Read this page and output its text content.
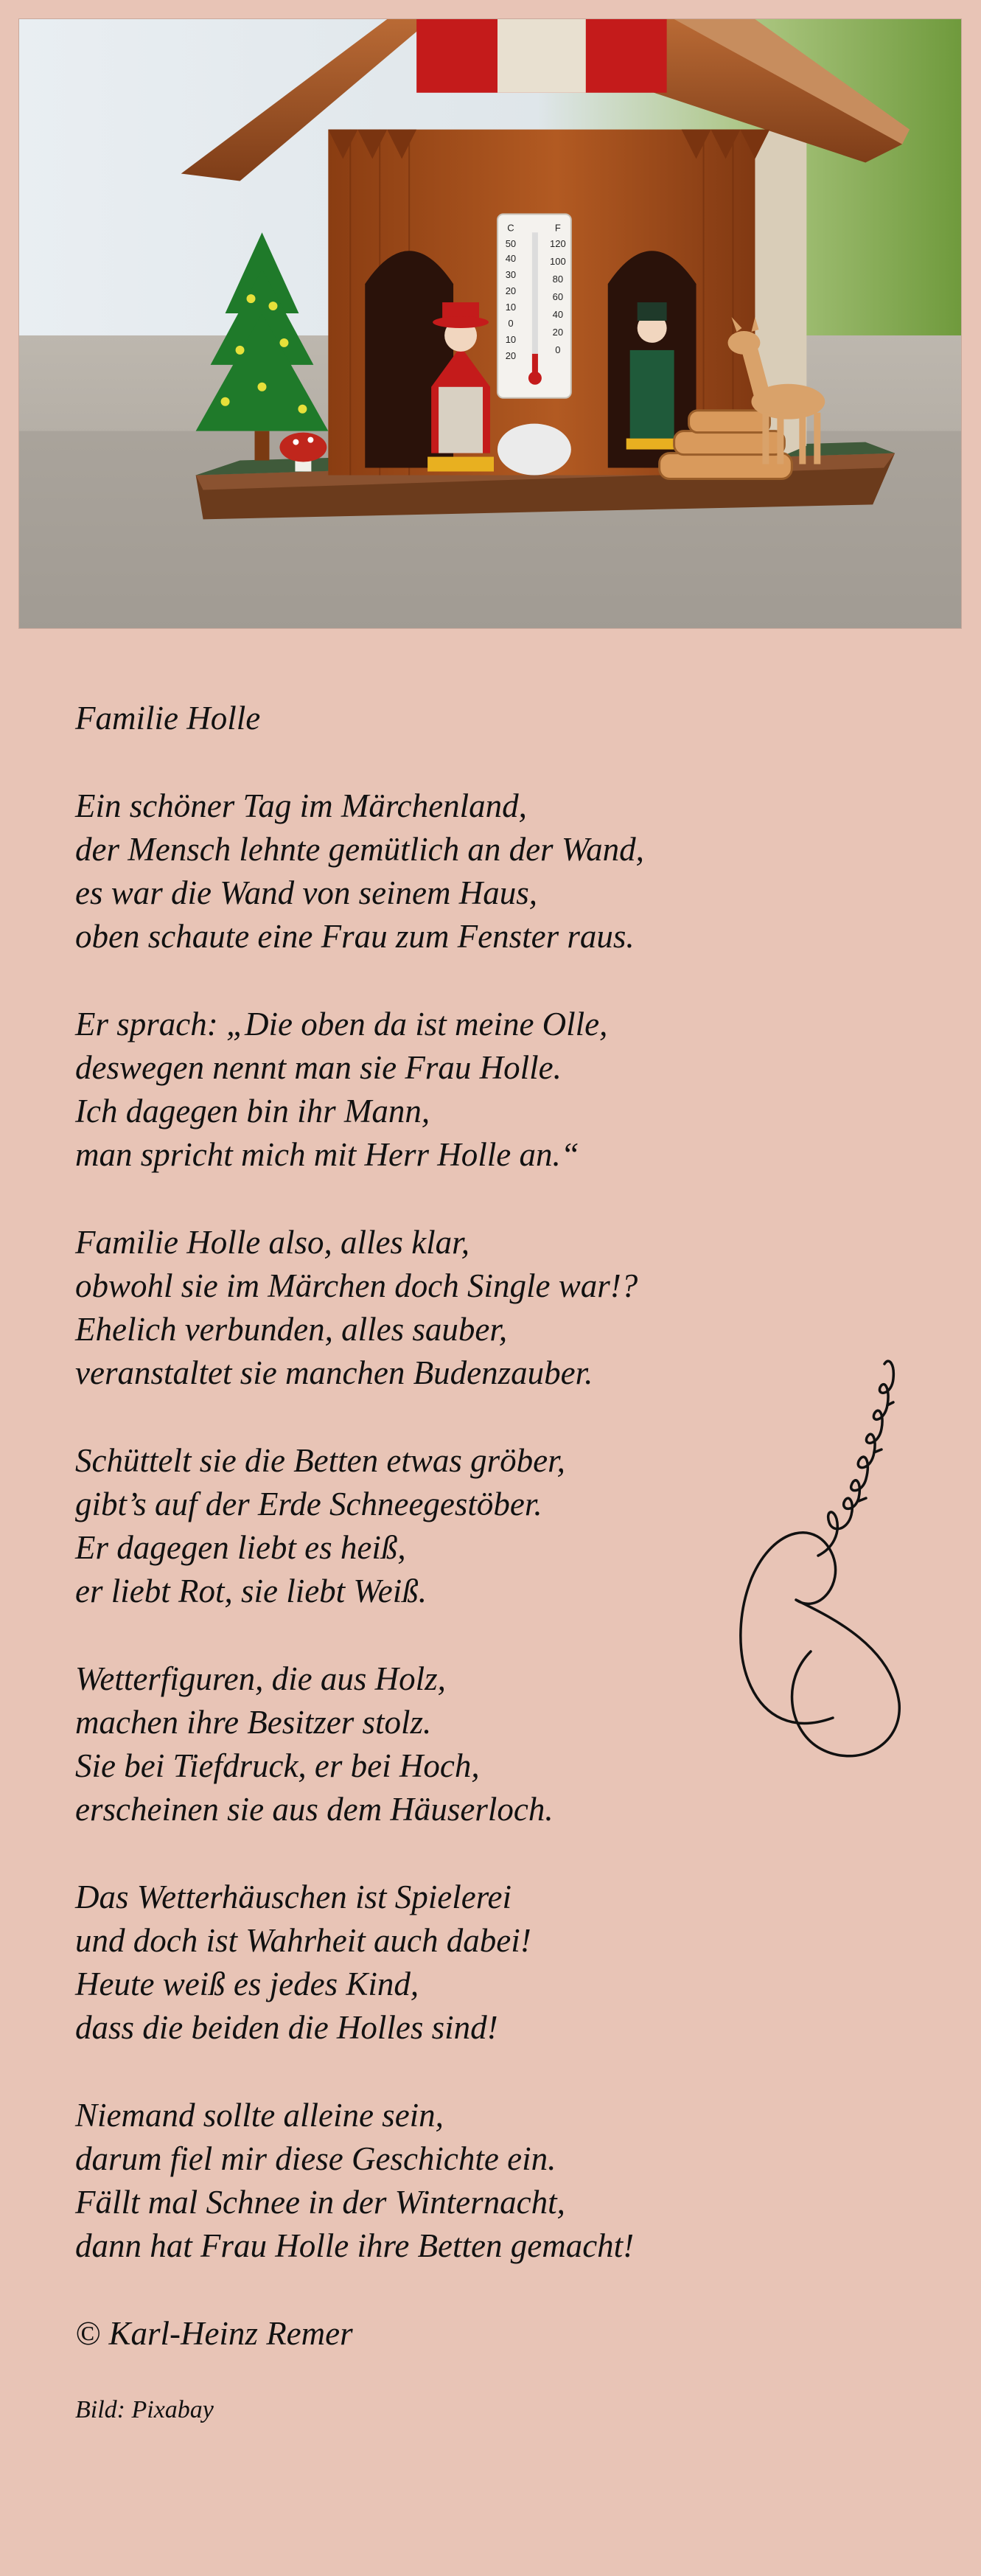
C
50
40
30
20
10
0
10
20
F
120
100
80
60
40
20
0
Familie Holle
Ein schöner Tag im Märchenland,
der Mensch lehnte gemütlich an der Wand,
es war die Wand von seinem Haus,
oben schaute eine Frau zum Fenster raus.
Er sprach: „Die oben da ist meine Olle,
deswegen nennt man sie Frau Holle.
Ich dagegen bin ihr Mann,
man spricht mich mit Herr Holle an.“
Familie Holle also, alles klar,
obwohl sie im Märchen doch Single war!?
Ehelich verbunden, alles sauber,
veranstaltet sie manchen Budenzauber.
Schüttelt sie die Betten etwas gröber,
gibt’s auf der Erde Schneegestöber.
Er dagegen liebt es heiß,
er liebt Rot, sie liebt Weiß.
Wetterfiguren, die aus Holz,
machen ihre Besitzer stolz.
Sie bei Tiefdruck, er bei Hoch,
erscheinen sie aus dem Häuserloch.
Das Wetterhäuschen ist Spielerei
und doch ist Wahrheit auch dabei!
Heute weiß es jedes Kind,
dass die beiden die Holles sind!
Niemand sollte alleine sein,
darum fiel mir diese Geschichte ein.
Fällt mal Schnee in der Winternacht,
dann hat Frau Holle ihre Betten gemacht!
© Karl-Heinz Remer
Bild: Pixabay
